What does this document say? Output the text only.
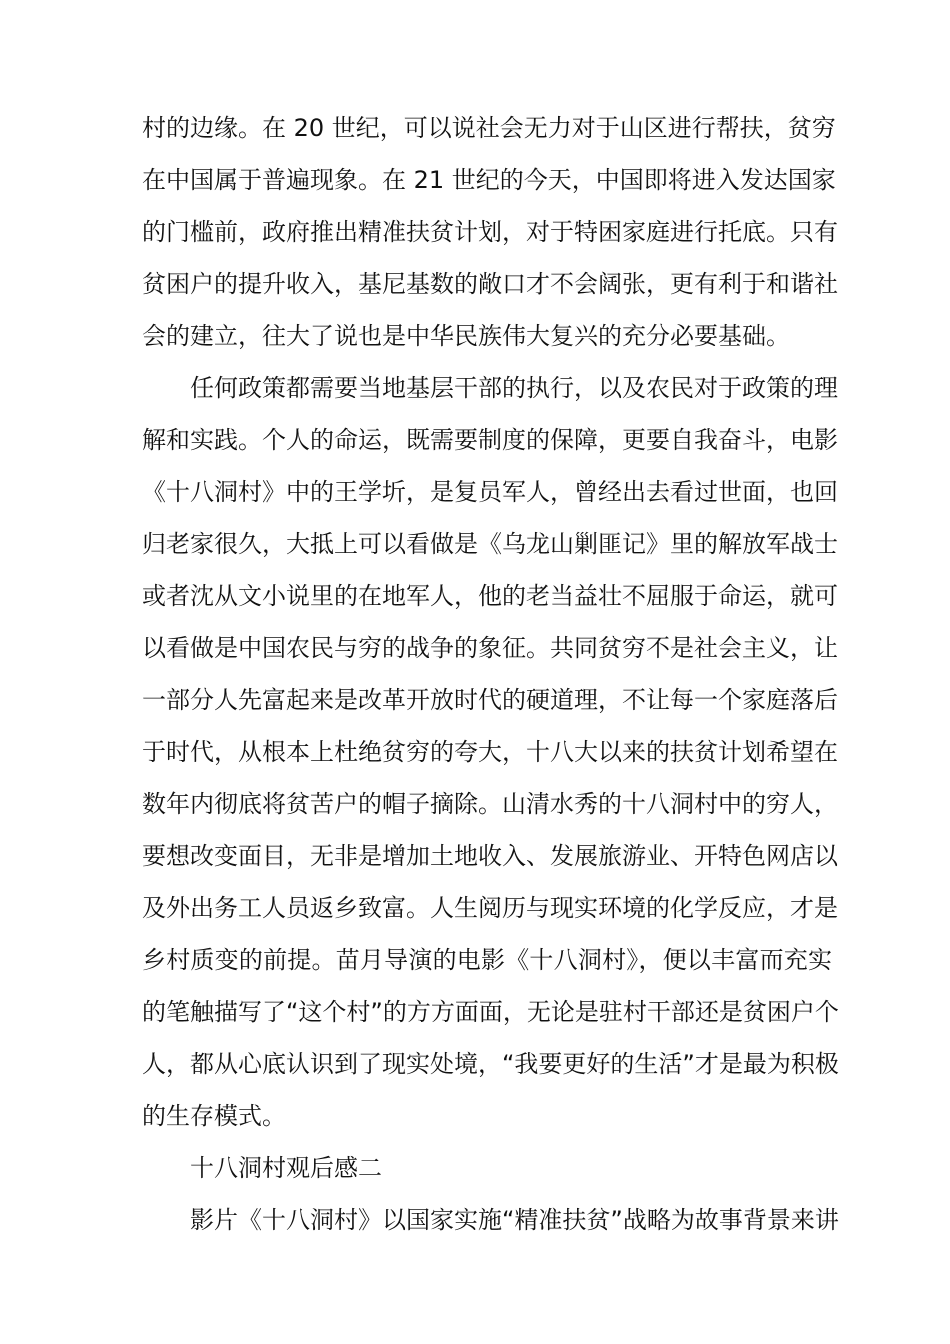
村的边缘。在 20 世纪，可以说社会无力对于山区进行帮扶，贫穷
在中国属于普遍现象。在 21 世纪的今天，中国即将进入发达国家
的门槛前，政府推出精准扶贫计划，对于特困家庭进行托底。只有
贫困户的提升收入，基尼基数的敞口才不会阔张，更有利于和谐社
会的建立，往大了说也是中华民族伟大复兴的充分必要基础。
任何政策都需要当地基层干部的执行，以及农民对于政策的理
解和实践。个人的命运，既需要制度的保障，更要自我奋斗，电影
《十八洞村》中的王学圻，是复员军人，曾经出去看过世面，也回
归老家很久，大抵上可以看做是《乌龙山剿匪记》里的解放军战士
或者沈从文小说里的在地军人，他的老当益壮不屈服于命运，就可
以看做是中国农民与穷的战争的象征。共同贫穷不是社会主义，让
一部分人先富起来是改革开放时代的硬道理，不让每一个家庭落后
于时代，从根本上杜绝贫穷的夸大，十八大以来的扶贫计划希望在
数年内彻底将贫苦户的帽子摘除。山清水秀的十八洞村中的穷人，
要想改变面目，无非是增加土地收入、发展旅游业、开特色网店以
及外出务工人员返乡致富。人生阅历与现实环境的化学反应，才是
乡村质变的前提。苗月导演的电影《十八洞村》，便以丰富而充实
的笔触描写了“这个村”的方方面面，无论是驻村干部还是贫困户个
人，都从心底认识到了现实处境，“我要更好的生活”才是最为积极
的生存模式。
十八洞村观后感二
影片《十八洞村》以国家实施“精准扶贫”战略为故事背景来讲
